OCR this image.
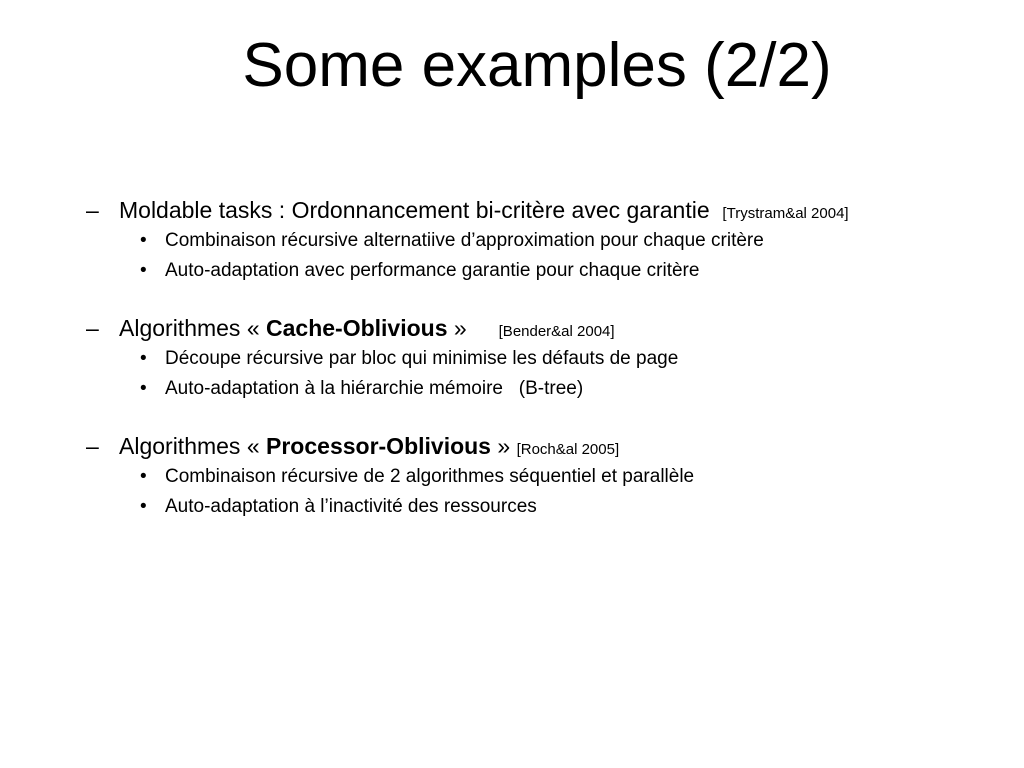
Some examples (2/2)
– Moldable tasks : Ordonnancement bi-critère avec garantie [Trystram&al 2004]
• Combinaison récursive alternatiive d’approximation pour chaque critère
• Auto-adaptation avec performance garantie pour chaque critère
– Algorithmes « Cache-Oblivious » [Bender&al 2004]
• Découpe récursive par bloc qui minimise les défauts de page
• Auto-adaptation à la hiérarchie mémoire   (B-tree)
– Algorithmes « Processor-Oblivious » [Roch&al 2005]
• Combinaison récursive de 2 algorithmes séquentiel et parallèle
• Auto-adaptation à l’inactivité des ressources
